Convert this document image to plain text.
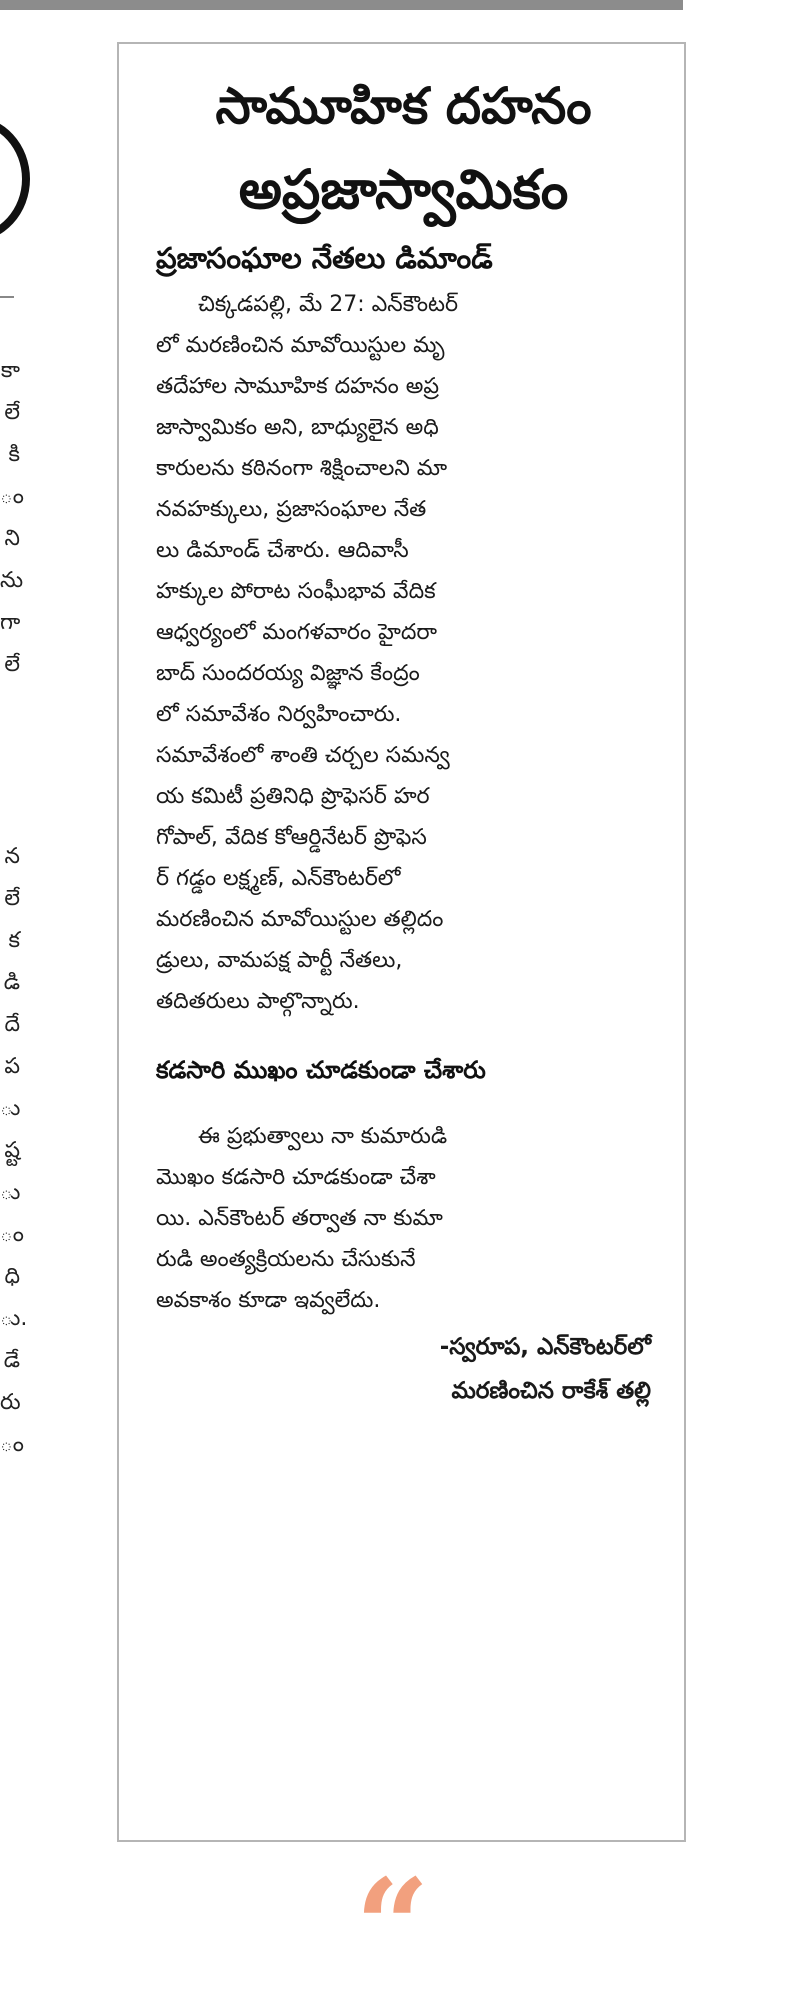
కా
లే
కి
ం
ని
ను
గా
లే
న
లే
క
డి
దే
ప
ు
ష్ట
ు
ం
ధి
ు.
డే
రు
ం
సామూహిక దహనం
అప్రజాస్వామికం
ప్రజాసంఘాల నేతలు డిమాండ్
చిక్కడపల్లి, మే 27: ఎన్‌కౌంటర్
లో మరణించిన మావోయిస్టుల మృ
తదేహాల సామూహిక దహనం అప్ర
జాస్వామికం అని, బాధ్యులైన అధి
కారులను కఠినంగా శిక్షించాలని మా
నవహక్కులు, ప్రజాసంఘాల నేత
లు డిమాండ్ చేశారు. ఆదివాసీ
హక్కుల పోరాట సంఘీభావ వేదిక
ఆధ్వర్యంలో మంగళవారం హైదరా
బాద్ సుందరయ్య విజ్ఞాన కేంద్రం
లో సమావేశం నిర్వహించారు.
సమావేశంలో శాంతి చర్చల సమన్వ
య కమిటీ ప్రతినిధి ప్రొఫెసర్ హర
గోపాల్, వేదిక కోఆర్డినేటర్ ప్రొఫెస
ర్ గడ్డం లక్ష్మణ్, ఎన్‌కౌంటర్‌లో
మరణించిన మావోయిస్టుల తల్లిదం
డ్రులు, వామపక్ష పార్టీ నేతలు,
తదితరులు పాల్గొన్నారు.
కడసారి ముఖం చూడకుండా చేశారు
ఈ ప్రభుత్వాలు నా కుమారుడి
మొఖం కడసారి చూడకుండా చేశా
యి. ఎన్‌కౌంటర్ తర్వాత నా కుమా
రుడి అంత్యక్రియలను చేసుకునే
అవకాశం కూడా ఇవ్వలేదు.
-స్వరూప, ఎన్‌కౌంటర్‌లో
మరణించిన రాకేశ్ తల్లి
“
